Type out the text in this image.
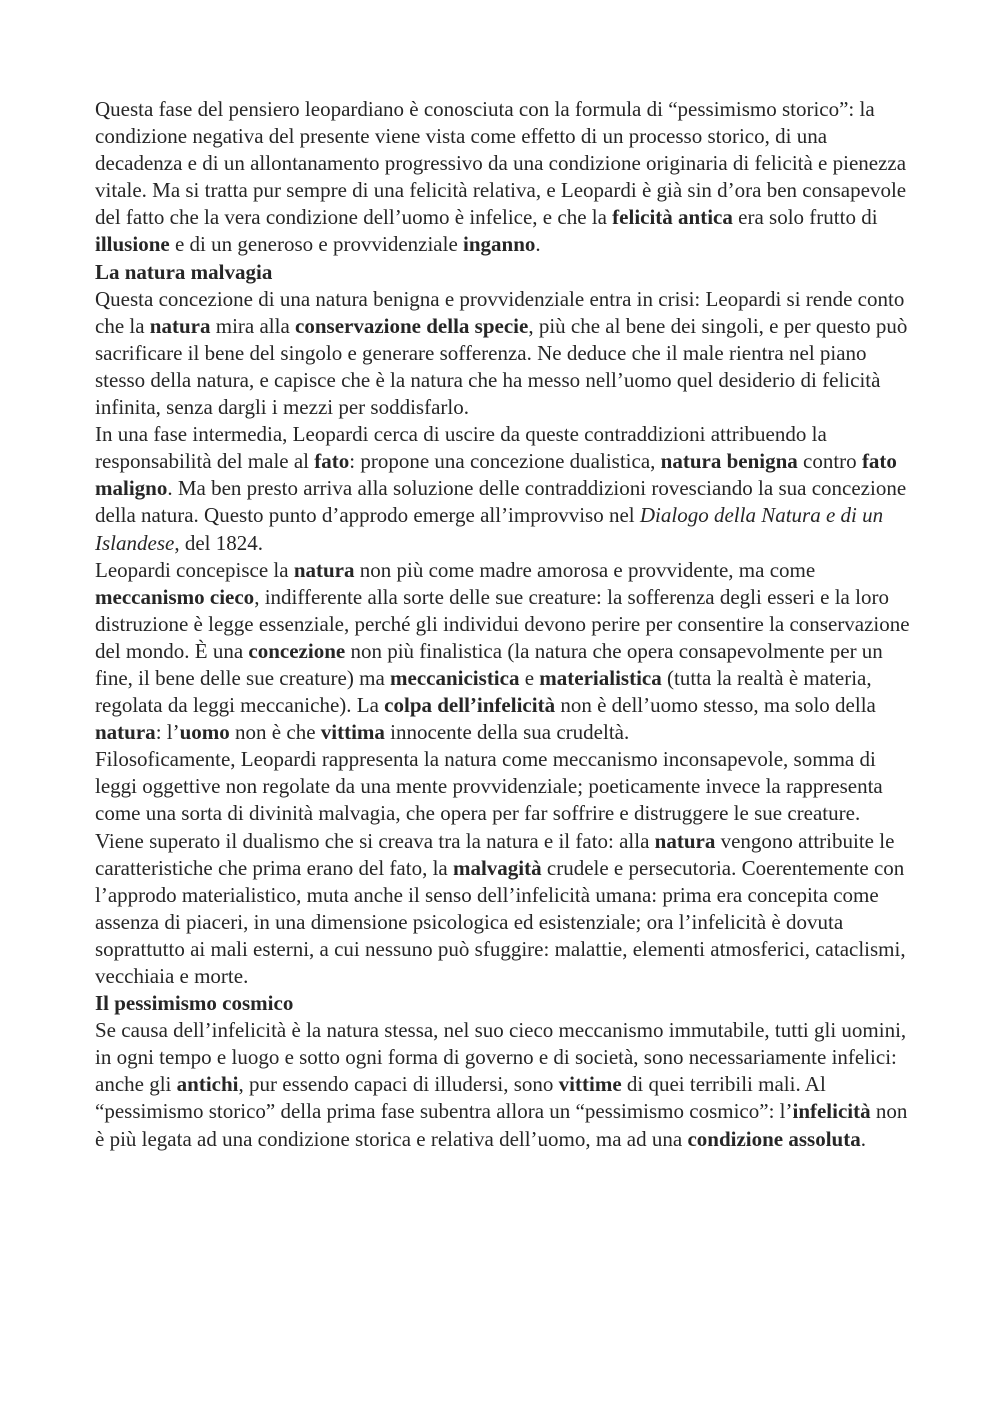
Questa fase del pensiero leopardiano è conosciuta con la formula di “pessimismo storico”: la condizione negativa del presente viene vista come effetto di un processo storico, di una decadenza e di un allontanamento progressivo da una condizione originaria di felicità e pienezza vitale. Ma si tratta pur sempre di una felicità relativa, e Leopardi è già sin d’ora ben consapevole del fatto che la vera condizione dell’uomo è infelice, e che la felicità antica era solo frutto di illusione e di un generoso e provvidenziale inganno.

La natura malvagia

Questa concezione di una natura benigna e provvidenziale entra in crisi: Leopardi si rende conto che la natura mira alla conservazione della specie, più che al bene dei singoli, e per questo può sacrificare il bene del singolo e generare sofferenza. Ne deduce che il male rientra nel piano stesso della natura, e capisce che è la natura che ha messo nell’uomo quel desiderio di felicità infinita, senza dargli i mezzi per soddisfarlo.

In una fase intermedia, Leopardi cerca di uscire da queste contraddizioni attribuendo la responsabilità del male al fato: propone una concezione dualistica, natura benigna contro fato maligno. Ma ben presto arriva alla soluzione delle contraddizioni rovesciando la sua concezione della natura. Questo punto d’approdo emerge all’improvviso nel Dialogo della Natura e di un Islandese, del 1824.

Leopardi concepisce la natura non più come madre amorosa e provvidente, ma come meccanismo cieco, indifferente alla sorte delle sue creature: la sofferenza degli esseri e la loro distruzione è legge essenziale, perché gli individui devono perire per consentire la conservazione del mondo. È una concezione non più finalistica (la natura che opera consapevolmente per un fine, il bene delle sue creature) ma meccanicistica e materialistica (tutta la realtà è materia, regolata da leggi meccaniche). La colpa dell’infelicità non è dell’uomo stesso, ma solo della natura: l’uomo non è che vittima innocente della sua crudeltà.

Filosoficamente, Leopardi rappresenta la natura come meccanismo inconsapevole, somma di leggi oggettive non regolate da una mente provvidenziale; poeticamente invece la rappresenta come una sorta di divinità malvagia, che opera per far soffrire e distruggere le sue creature. Viene superato il dualismo che si creava tra la natura e il fato: alla natura vengono attribuite le caratteristiche che prima erano del fato, la malvagità crudele e persecutoria. Coerentemente con l’approdo materialistico, muta anche il senso dell’infelicità umana: prima era concepita come assenza di piaceri, in una dimensione psicologica ed esistenziale; ora l’infelicità è dovuta soprattutto ai mali esterni, a cui nessuno può sfuggire: malattie, elementi atmosferici, cataclismi, vecchiaia e morte.

Il pessimismo cosmico

Se causa dell’infelicità è la natura stessa, nel suo cieco meccanismo immutabile, tutti gli uomini, in ogni tempo e luogo e sotto ogni forma di governo e di società, sono necessariamente infelici: anche gli antichi, pur essendo capaci di illudersi, sono vittime di quei terribili mali. Al “pessimismo storico” della prima fase subentra allora un “pessimismo cosmico”: l’infelicità non è più legata ad una condizione storica e relativa dell’uomo, ma ad una condizione assoluta.
